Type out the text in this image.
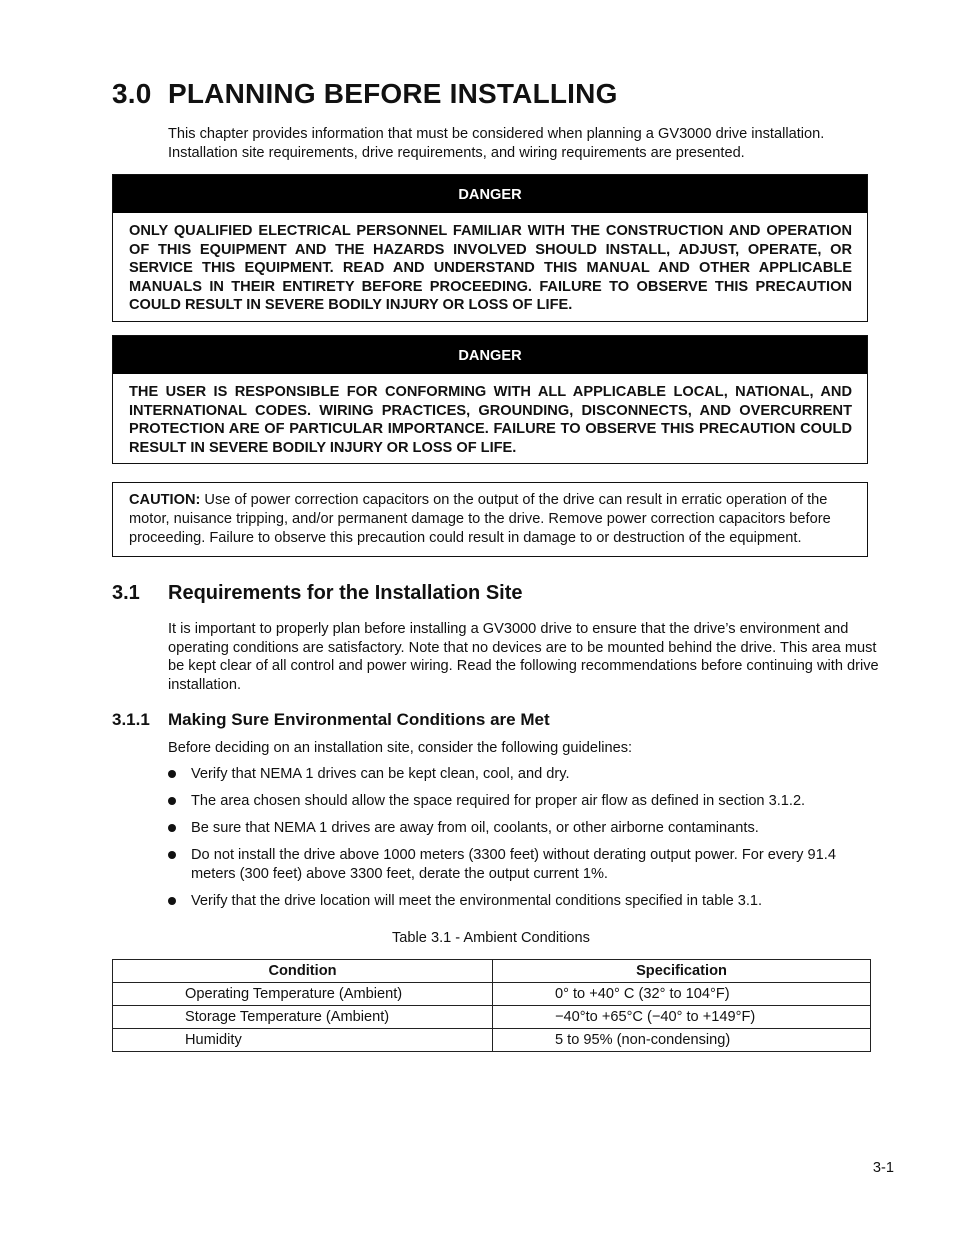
3.0 PLANNING BEFORE INSTALLING
This chapter provides information that must be considered when planning a GV3000 drive installation. Installation site requirements, drive requirements, and wiring requirements are presented.
DANGER
ONLY QUALIFIED ELECTRICAL PERSONNEL FAMILIAR WITH THE CONSTRUCTION AND OPERATION OF THIS EQUIPMENT AND THE HAZARDS INVOLVED SHOULD INSTALL, ADJUST, OPERATE, OR SERVICE THIS EQUIPMENT. READ AND UNDERSTAND THIS MANUAL AND OTHER APPLICABLE MANUALS IN THEIR ENTIRETY BEFORE PROCEEDING. FAILURE TO OBSERVE THIS PRECAUTION COULD RESULT IN SEVERE BODILY INJURY OR LOSS OF LIFE.
DANGER
THE USER IS RESPONSIBLE FOR CONFORMING WITH ALL APPLICABLE LOCAL, NATIONAL, AND INTERNATIONAL CODES. WIRING PRACTICES, GROUNDING, DISCONNECTS, AND OVERCURRENT PROTECTION ARE OF PARTICULAR IMPORTANCE. FAILURE TO OBSERVE THIS PRECAUTION COULD RESULT IN SEVERE BODILY INJURY OR LOSS OF LIFE.
CAUTION: Use of power correction capacitors on the output of the drive can result in erratic operation of the motor, nuisance tripping, and/or permanent damage to the drive. Remove power correction capacitors before proceeding. Failure to observe this precaution could result in damage to or destruction of the equipment.
3.1 Requirements for the Installation Site
It is important to properly plan before installing a GV3000 drive to ensure that the drive’s environment and operating conditions are satisfactory. Note that no devices are to be mounted behind the drive. This area must be kept clear of all control and power wiring. Read the following recommendations before continuing with drive installation.
3.1.1 Making Sure Environmental Conditions are Met
Before deciding on an installation site, consider the following guidelines:
Verify that NEMA 1 drives can be kept clean, cool, and dry.
The area chosen should allow the space required for proper air flow as defined in section 3.1.2.
Be sure that NEMA 1 drives are away from oil, coolants, or other airborne contaminants.
Do not install the drive above 1000 meters (3300 feet) without derating output power. For every 91.4 meters (300 feet) above 3300 feet, derate the output current 1%.
Verify that the drive location will meet the environmental conditions specified in table 3.1.
Table 3.1 - Ambient Conditions
Condition	Specification
Operating Temperature (Ambient)	0° to +40° C (32° to 104°F)
Storage Temperature (Ambient)	−40°to +65°C (−40° to +149°F)
Humidity	5 to 95% (non-condensing)
3-1
